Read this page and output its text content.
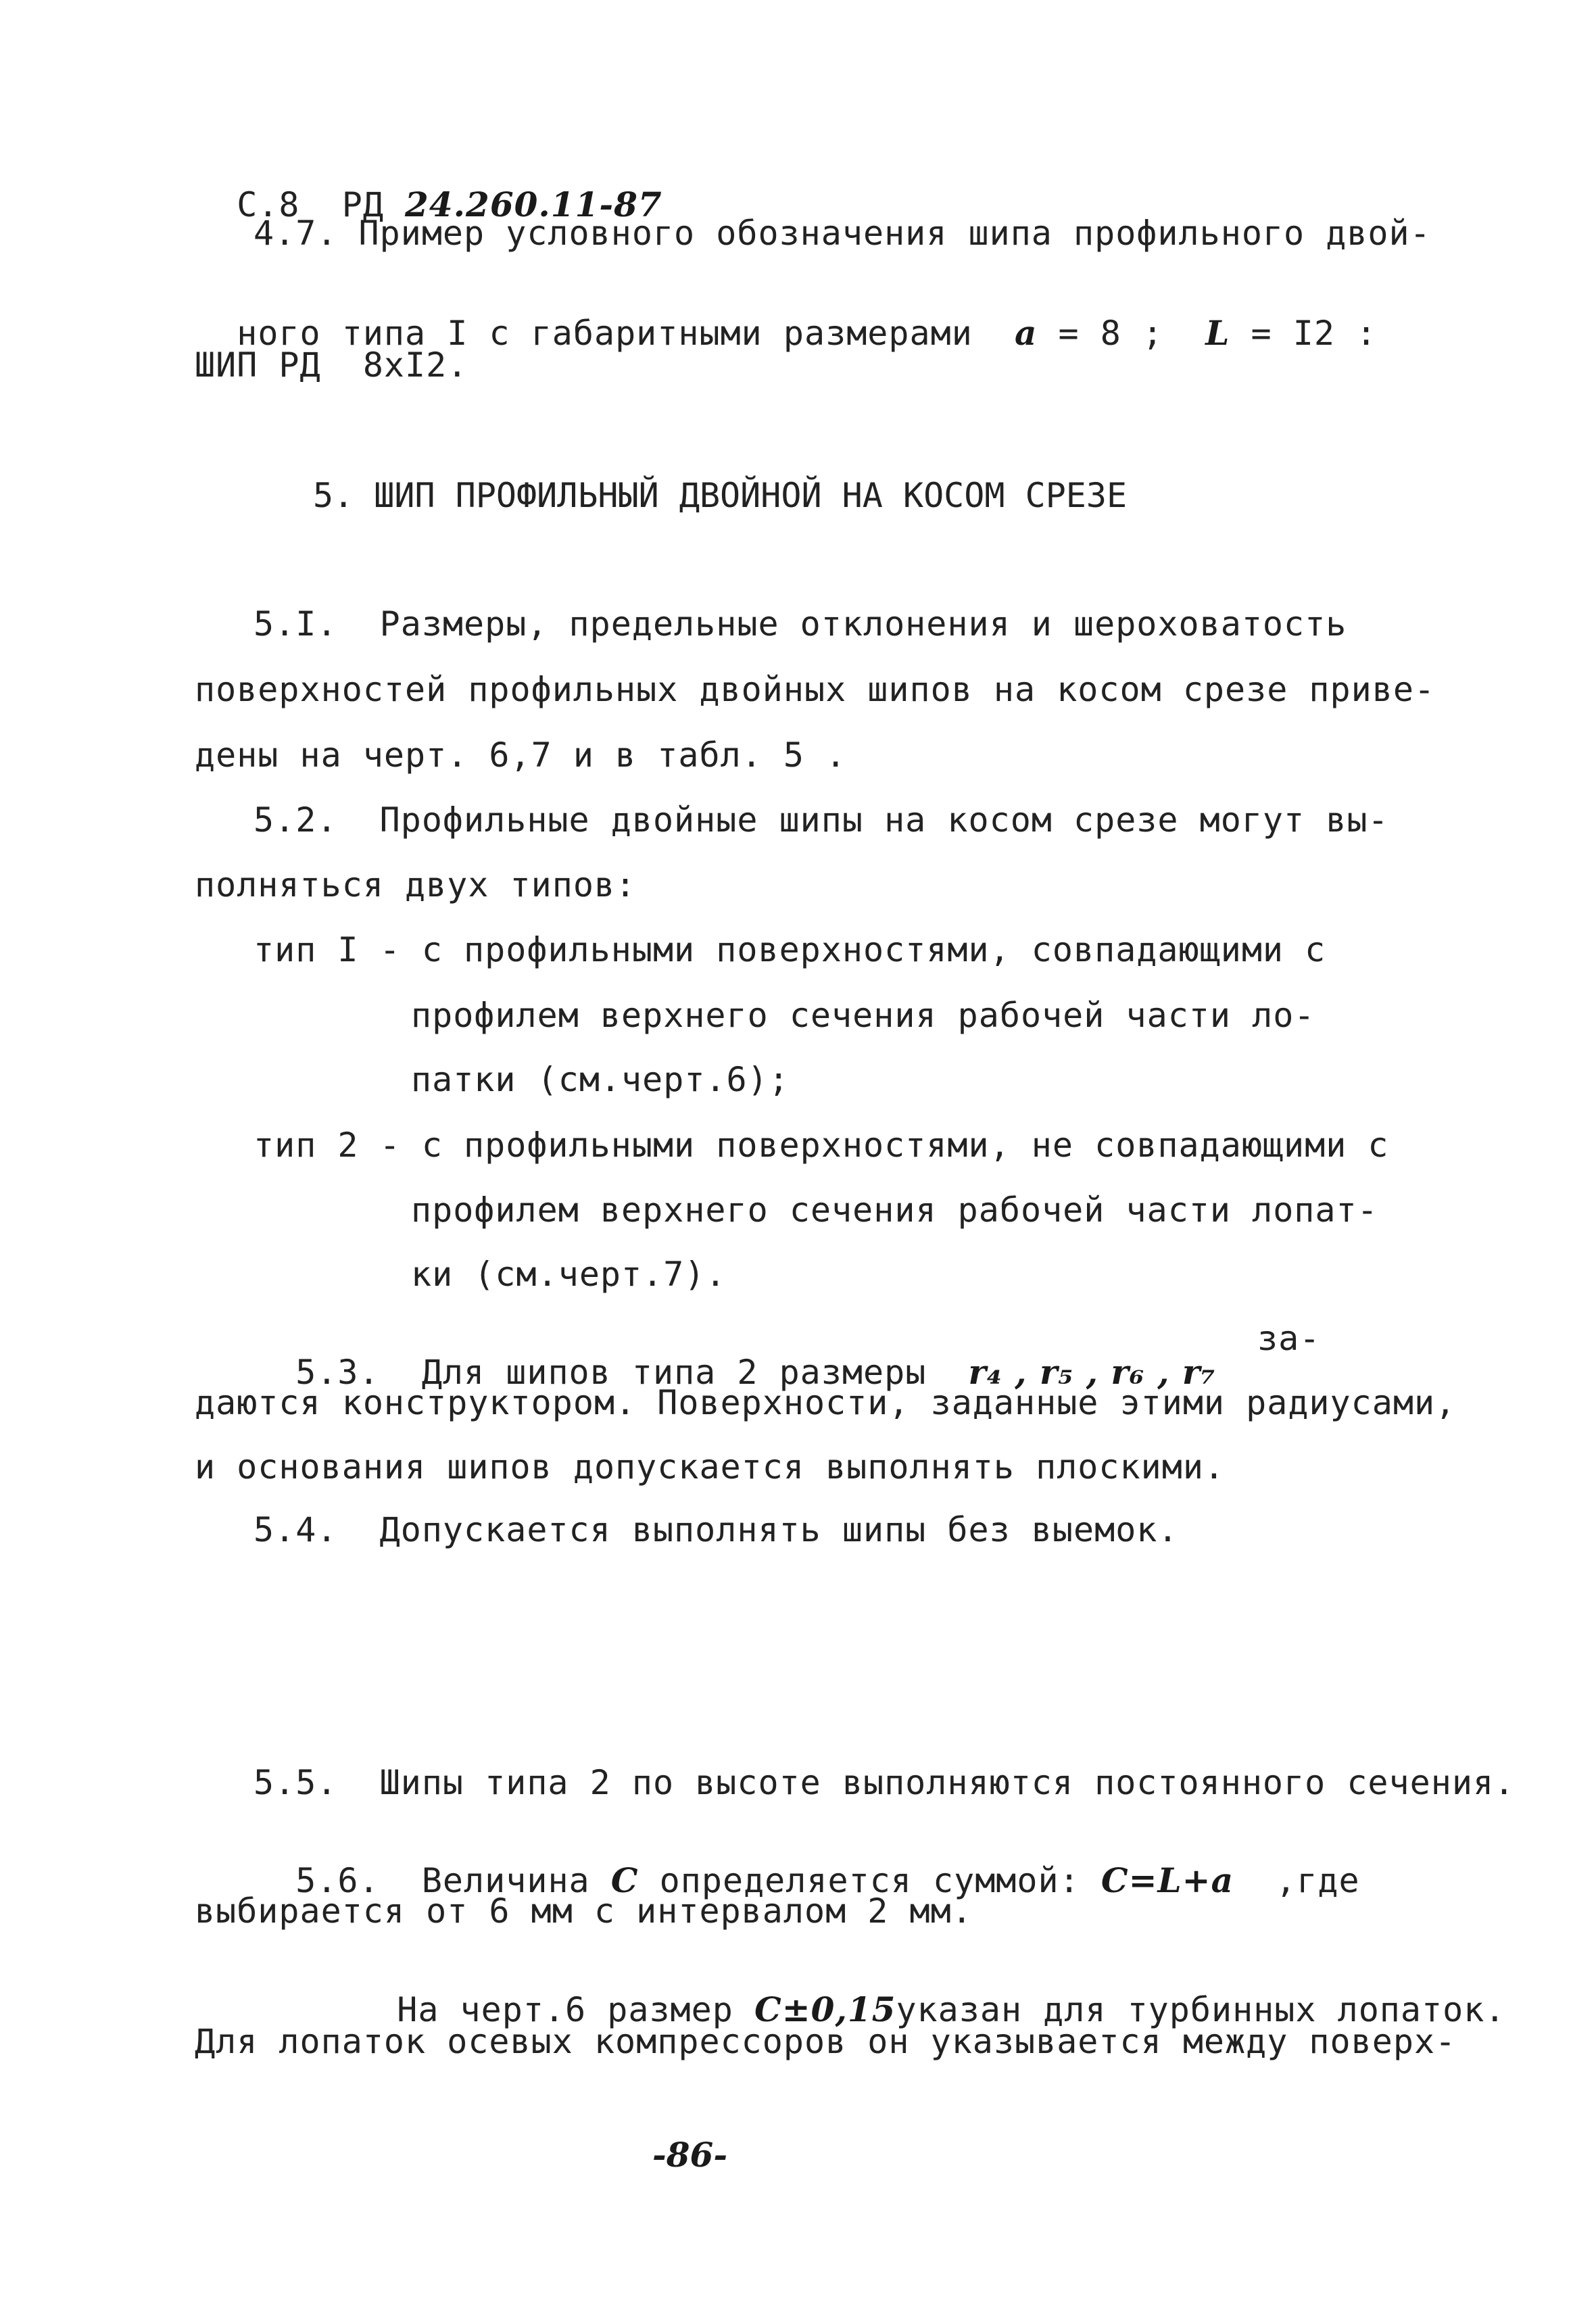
С.8  РД 24.260.11-87

4.7. Пример условного обозначения шипа профильного двой-

ного типа I с габаритными размерами  a = 8 ;  L = I2 :

ШИП РД  8хI2.
5. ШИП ПРОФИЛЬНЫЙ ДВОЙНОЙ НА КОСОМ СРЕЗЕ
5.I.  Размеры, предельные отклонения и шероховатость
поверхностей профильных двойных шипов на косом срезе приве-
дены на черт. 6,7 и в табл. 5 .
5.2.  Профильные двойные шипы на косом срезе могут вы-
полняться двух типов:
тип I - с профильными поверхностями, совпадающими с
профилем верхнего сечения рабочей части ло-
патки (см.черт.6);
тип 2 - с профильными поверхностями, не совпадающими с
профилем верхнего сечения рабочей части лопат-
ки (см.черт.7).

5.3.  Для шипов типа 2 размеры  r₄ , r₅ , r₆ , r₇

за-
даются конструктором. Поверхности, заданные этими радиусами,
и основания шипов допускается выполнять плоскими.
5.4.  Допускается выполнять шипы без выемок.
5.5.  Шипы типа 2 по высоте выполняются постоянного сечения.

5.6.  Величина C определяется суммой: C=L+a  ,где

выбирается от 6 мм с интервалом 2 мм.

На черт.6 размер C±0,15указан для турбинных лопаток.

Для лопаток осевых компрессоров он указывается между поверх-
-86-
